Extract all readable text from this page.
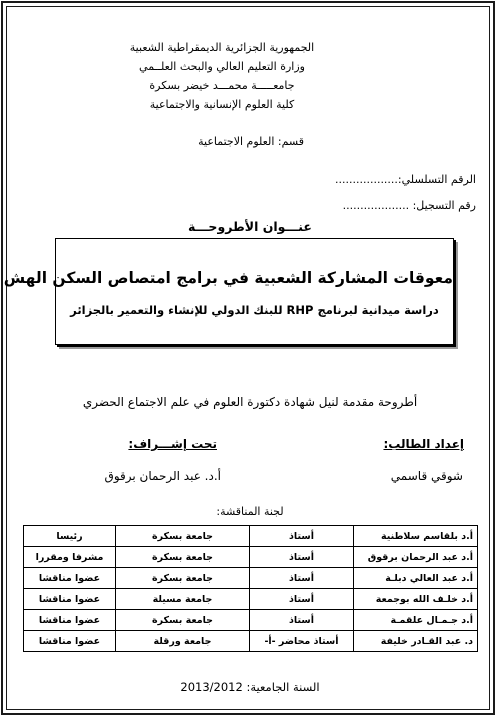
الجمهورية الجزائرية الديمقراطية الشعبية
وزارة التعليم العالي والبحث العلــمي
جامعـــــة محمـــد خيضر بسكرة
كلية العلوم الإنسانية والاجتماعية
قسم: العلوم الاجتماعية
الرقم التسلسلي:..................
رقم التسجيل: ...................
عنـــوان الأطروحـــة
معوقات المشاركة الشعبية في برامج امتصاص السكن الهش
دراسة ميدانية لبرنامج RHP للبنك الدولي للإنشاء والتعمير بالجزائر
أطروحة مقدمة لنيل شهادة دكتورة العلوم في علم الاجتماع الحضري
إعداد الطالب:
تحت إشـــراف:
شوقي قاسمي
أ.د. عبد الرحمان برقوق
لجنة المناقشة:
أ.د بلقاسم سلاطنية	أستاذ	جامعة بسكرة	رئيسا
أ.د عبد الرحمان برقوق	أستاذ	جامعة بسكرة	مشرفا ومقررا
أ.د عبد العالي دبلـة	أستاذ	جامعة بسكرة	عضوا مناقشا
أ.د خلـف الله بوجمعة	أستاذ	جامعة مسيلة	عضوا مناقشا
أ.د جـمـال علقمـة	أستاذ	جامعة بسكرة	عضوا مناقشا
د. عبد القـادر خليفة	أستاذ محاضر -أ-	جامعة ورقلة	عضوا مناقشا
السنة الجامعية: 2013/2012
